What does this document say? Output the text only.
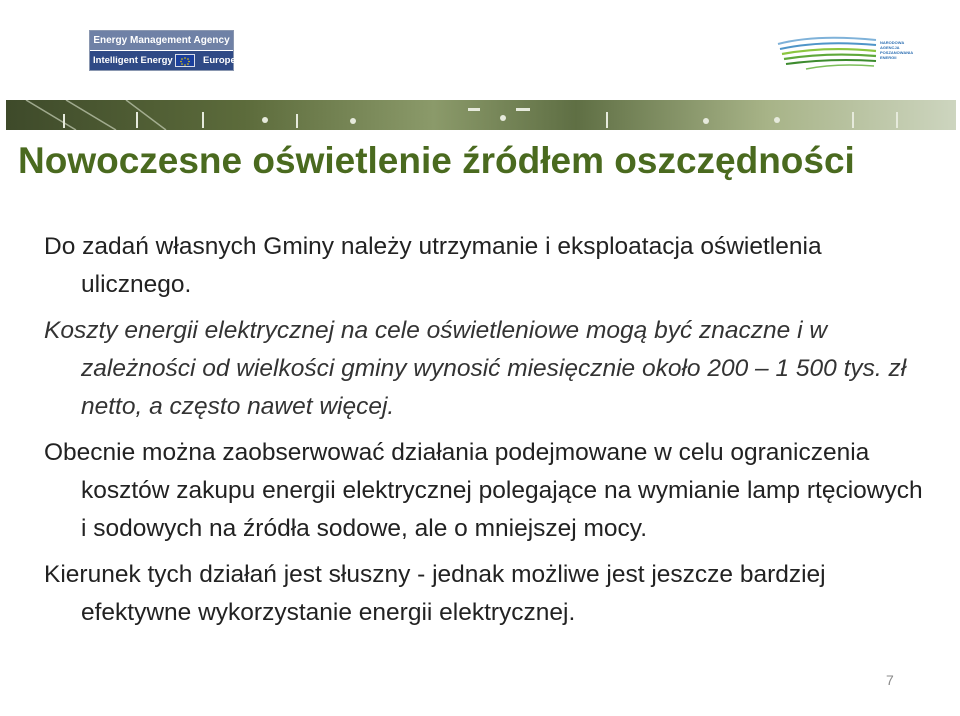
Energy Management Agency
Intelligent Energy	Europe
NARODOWA AGENCJA POSZANOWANIA ENERGII
Nowoczesne oświetlenie źródłem oszczędności

Do zadań własnych Gminy należy utrzymanie i eksploatacja oświetlenia ulicznego.

Koszty energii elektrycznej na cele oświetleniowe mogą być znaczne i w zależności od wielkości gminy wynosić miesięcznie około 200 – 1 500 tys. zł netto, a często nawet więcej.

Obecnie można zaobserwować działania podejmowane w celu ograniczenia kosztów zakupu energii elektrycznej polegające na wymianie lamp rtęciowych i sodowych na źródła sodowe, ale o mniejszej mocy.

Kierunek tych działań jest słuszny - jednak możliwe jest jeszcze bardziej efektywne wykorzystanie energii elektrycznej.

7
